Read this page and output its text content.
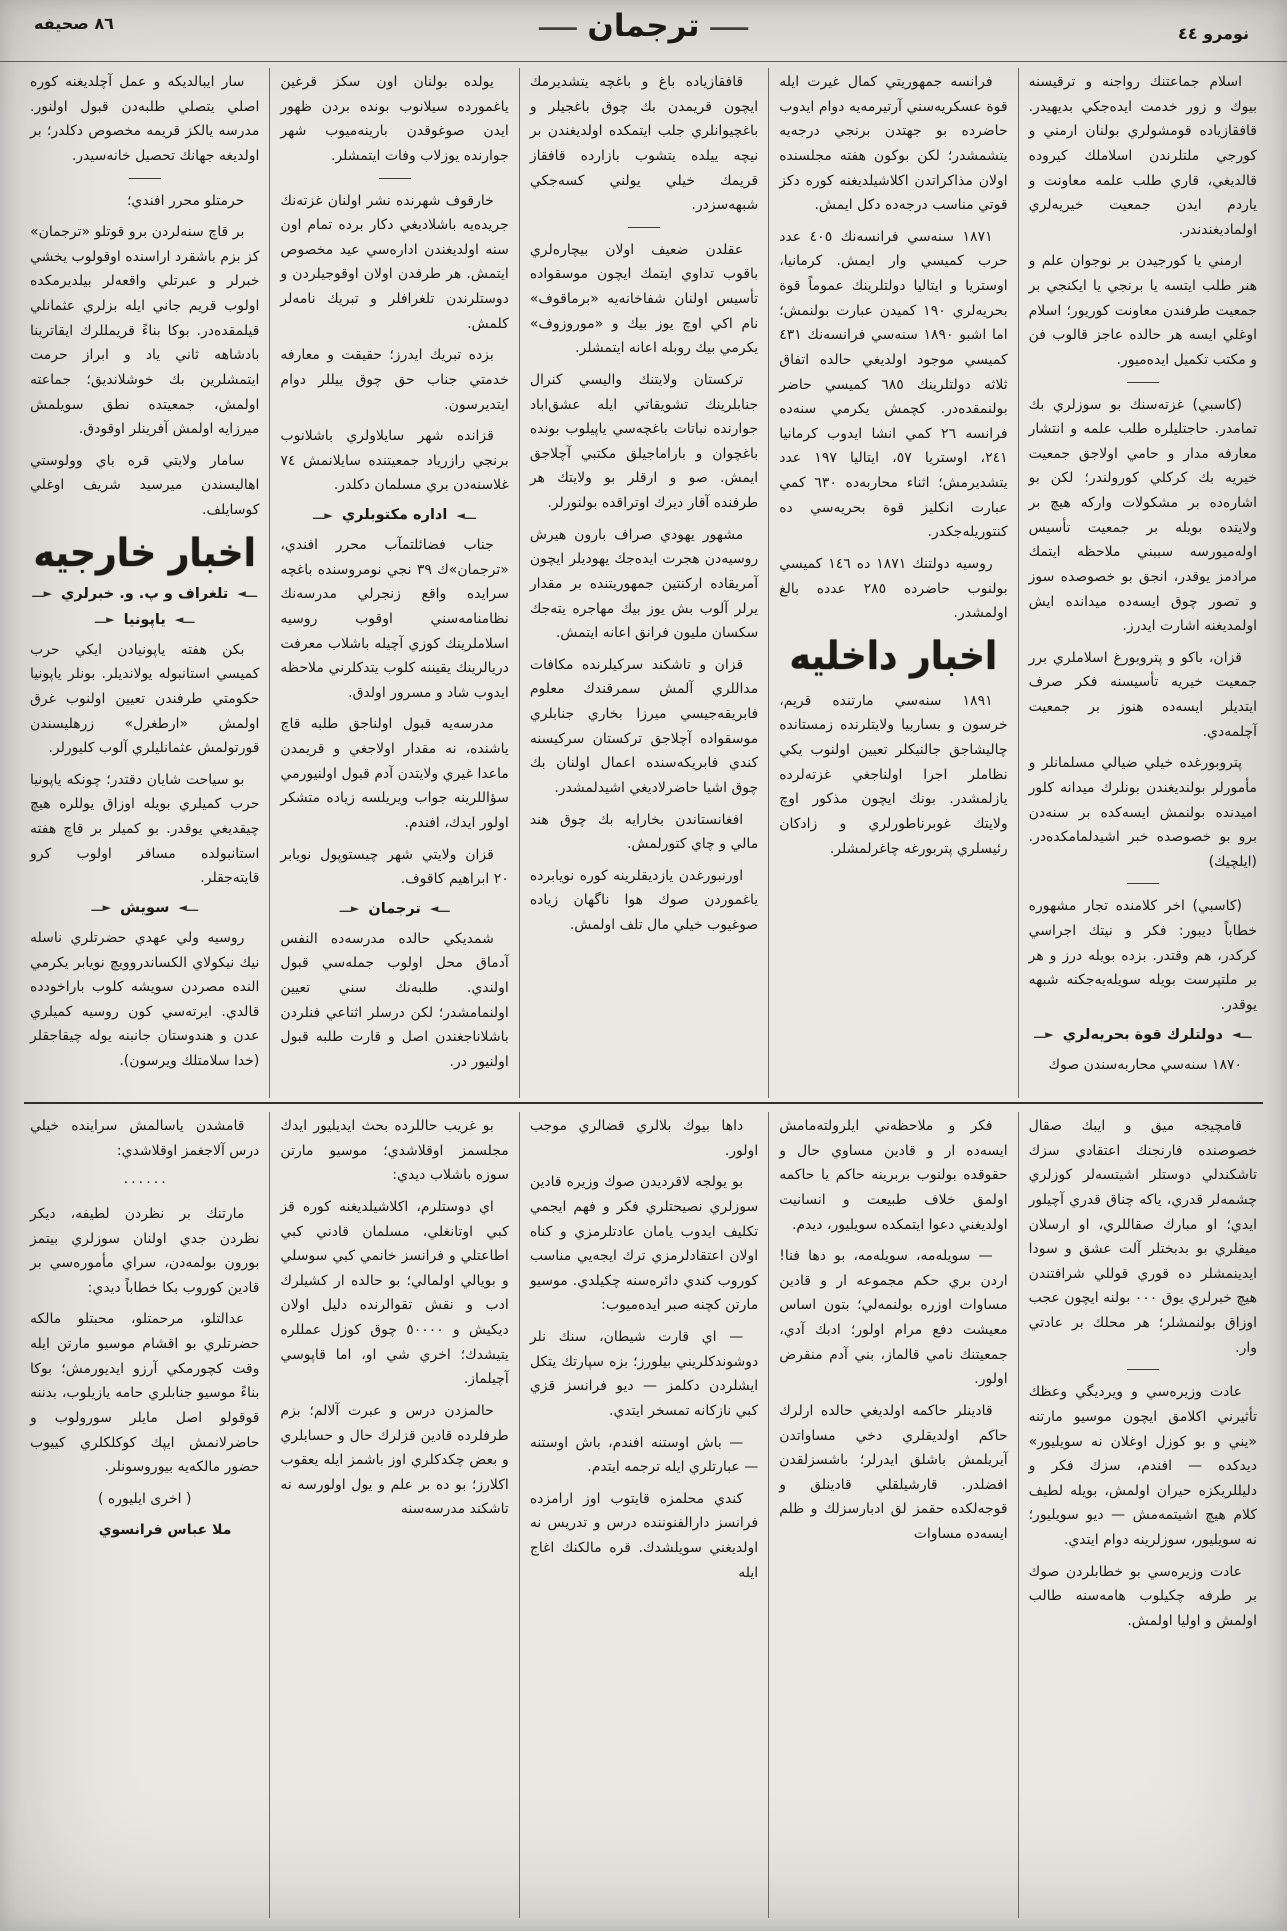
٨٦ صحيفه	ـــــ ترجمان ـــــ	نومرو ٤٤

اسلام جماعتنك رواجنه و ترقيسنه بيوك و زور خدمت ايده‌جكي بديهيدر. قافقازياده قومشولري بولنان ارمني و كورجي ملتلرندن اسلاملك كيروده قالديغي، قاري طلب علمه معاونت و ياردم ايدن جمعيت خيريه‌لري اولماديغندندر.

ارمني يا كورجيدن بر نوجوان علم و هنر طلب ايتسه يا برنجي يا ايكنجي بر جمعيت طرفندن معاونت كوريور؛ اسلام اوغلي ايسه هر حالده عاجز قالوب فن و مكتب تكميل ايده‌ميور.

(كاسبي) غزته‌سنك بو سوزلري بك تمامدر. حاجتليلره طلب علمه و انتشار معارفه مدار و حامي اولاجق جمعيت خيريه بك كركلي كورولندر؛ لكن بو اشاره‌ده بر مشكولات واركه هيچ بر ولايتده بويله بر جمعيت تأسيس اوله‌ميورسه سببني ملاحظه ايتمك مرادمز يوقدر، انجق بو خصوصده سوز و تصور چوق ايسه‌ده ميدانده ايش اولمديغنه اشارت ايدرز.

قزان، باكو و پتروبورغ اسلاملري برر جمعيت خيريه تأسيسنه فكر صرف ايتديلر ايسه‌ده هنوز بر جمعيت آچلمه‌دي.

پتروبورغده خيلي ضيالي مسلمانلر و مأمورلر بولنديغندن بونلرك ميدانه كلور اميدنده بولنمش ايسه‌كده بر سنه‌دن برو بو خصوصده خبر اشيدلمامكده‌در. (ايلچيك)

(كاسبي) اخر كلامنده تجار مشهوره خطاباً ديبور: فكر و نيتك اجراسي كركدر، هم وقتدر. بزده بويله درز و هر بر ملتپرست بويله سويله‌يه‌جكنه شبهه يوقدر.

ـــ◄
دولتلرك قوة بحريه‌لري
►ـــ

١٨٧٠ سنه‌سي محاربه‌سندن صوك

فرانسه جمهوريتي كمال غيرت ايله قوة عسكريه‌سني آرتيرمه‌يه دوام ايدوب حاضرده بو جهتدن برنجي درجه‌يه يتشمشدر؛ لكن بوكون هفته مجلسنده اولان مذاكراتدن اكلاشيلديغنه كوره دكز قوتي مناسب درجه‌ده دكل ايمش.

١٨٧١ سنه‌سي فرانسه‌نك ٤٠٥ عدد حرب كميسي وار ايمش. كرمانيا، اوستريا و ايتاليا دولتلرينك عموماً قوة بحريه‌لري ١٩٠ كميدن عبارت بولنمش؛ اما اشبو ١٨٩٠ سنه‌سي فرانسه‌نك ٤٣١ كميسي موجود اولديغي حالده اتفاق ثلاثه دولتلرينك ٦٨٥ كميسي حاضر بولنمقده‌در. كچمش يكرمي سنه‌ده فرانسه ٢٦ كمي انشا ايدوب كرمانيا ٢٤١، اوستريا ٥٧، ايتاليا ١٩٧ عدد يتشديرمش؛ اثناء محاربه‌ده ٦٣٠ كمي عبارت انكليز قوة بحريه‌سي ده كنتوريله‌جكدر.

روسيه دولتنك ١٨٧١ ده ١٤٦ كميسي بولنوب حاضرده ٢٨٥ عدده بالغ اولمشدر.

اخبار داخليه

١٨٩١ سنه‌سي مارتنده قريم، خرسون و بساربيا ولايتلرنده زمستانده چاليشاجق جالنيكلر تعيين اولنوب يكي نظاملر اجرا اولناجغي غزته‌لرده يازلمشدر. بونك ايچون مذكور اوچ ولايتك غوبرناطورلري و زادكان رئيسلري پتربورغه چاغرلمشلر.

قافقازياده باغ و باغچه يتشديرمك ايچون قريمدن بك چوق باغجيلر و باغچيوانلري جلب ايتمكده اولديغندن بر نيچه ييلده يتشوب بازارده قافقاز قريمك خيلي يولني كسه‌جكي شبهه‌سزدر.

عقلدن ضعيف اولان بيچاره‌لري باقوب تداوي ايتمك ايچون موسقواده تأسيس اولنان شفاخانه‌يه «برماقوف» نام اكي اوچ يوز بيك و «موروزوف» يكرمي بيك روبله اعانه ايتمشلر.

تركستان ولايتنك واليسي كنرال جنابلرينك تشويقاتي ايله عشق‌اباد جوارنده نباتات باغچه‌سي ياپيلوب بونده باغچوان و باراماجيلق مكتبي آچلاجق ايمش. صو و ارقلر بو ولايتك هر طرفنده آقار ديرك اوتراقده بولنورلر.

مشهور يهودي صراف بارون هيرش روسيه‌دن هجرت ايده‌جك يهوديلر ايچون آمريقاده اركنتين جمهوريتنده بر مقدار يرلر آلوب بش يوز بيك مهاجره يته‌جك سكسان مليون فرانق اعانه ايتمش.

قزان و تاشكند سركيلرنده مكافات مداللري آلمش سمرقندك معلوم فابريقه‌جيسي ميرزا بخاري جنابلري موسقواده آچلاجق تركستان سركيسنه كندي فابريكه‌سنده اعمال اولنان بك چوق اشيا حاضرلاديغي اشيدلمشدر.

افغانستاندن بخارايه بك چوق هند مالي و چاي كتورلمش.

اورنبورغدن يازديقلرينه كوره نويابرده ياغموردن صوك هوا ناگهان زياده صوغيوب خيلي مال تلف اولمش.

يولده بولنان اون سكز قرغين ياغمورده سيلانوب بونده بردن ظهور ايدن صوغوقدن بارينه‌ميوب شهر جوارنده يوزلاب وفات ايتمشلر.

خارقوف شهرنده نشر اولنان غزته‌نك جريده‌يه باشلاديغي دكار برده تمام اون سنه اولديغندن اداره‌سي عيد مخصوص ايتمش. هر طرفدن اولان اوقوجيلردن و دوستلرندن تلغرافلر و تبريك نامه‌لر كلمش.

بزده تبريك ايدرز؛ حقيقت و معارفه خدمتي جناب حق چوق ييللر دوام ايتديرسون.

قزانده شهر سايلاولري باشلانوب برنجي رازرياد جمعيتنده سايلانمش ٧٤ غلاسنه‌دن بري مسلمان دكلدر.

ـــ◄
اداره مكتوبلري
►ـــ

جناب فضائلتمآب محرر افندي، «ترجمان»ك ٣٩ نجي نومروسنده باغچه سرايده واقع زنجرلي مدرسه‌نك نظامنامه‌سني اوقوب روسيه اسلاملرينك كوزي آچيله باشلاب معرفت دريالرينك يقيننه كلوب يتدكلرني ملاحظه ايدوب شاد و مسرور اولدق.

مدرسه‌يه قبول اولناجق طلبه قاچ ياشنده، نه مقدار اولاجغي و قريمدن ماعدا غيري ولايتدن آدم قبول اولنيورمي سؤاللرينه جواب ويريلسه زياده متشكر اولور ايدك، افندم.

قزان ولايتي شهر چيستوپول نويابر ٢٠ ابراهيم كاقوف.

ـــ◄
ترجمان
►ـــ

شمديكي حالده مدرسه‌ده النفس آدماق محل اولوب جمله‌سي قبول اولندي. طلبه‌نك سني تعيين اولنمامشدر؛ لكن درسلر اثناعي فنلردن باشلاناجغندن اصل و قارت طلبه قبول اولنيور در.

سار ايبالديكه و عمل آچلديغنه كوره اصلي يتصلي طلبه‌دن قبول اولنور. مدرسه يالكز قريمه مخصوص دكلدر؛ بر اولديغه جهانك تحصيل خانه‌سيدر.

حرمتلو محرر افندي؛

بر قاچ سنه‌لردن برو قوتلو «ترجمان» كز بزم باشقرد اراسنده اوقولوب يخشي خبرلر و عبرتلي واقعه‌لر بيلديرمكده اولوب قريم جاني ايله بزلري عثمانلي قيلمقده‌در. بوكا بناءً قريمللرك ايقاترينا بادشاهه ثاني ياد و ابراز حرمت ايتمشلرين بك خوشلانديق؛ جماعته اولمش، جمعيتده نطق سويلمش ميرزايه اولمش آفرينلر اوقودق.

سامار ولايتي قره باي وولوستي اهاليسندن ميرسيد شريف اوغلي كوسايلف.

اخبار خارجيه
ـــ◄
تلغراف و پ. و. خبرلري
►ـــ
ـــ◄
ياپونيا
►ـــ

بكن هفته ياپونيادن ايكي حرب كميسي استانبوله يولانديلر. بونلر ياپونيا حكومتي طرفندن تعيين اولنوب غرق اولمش «ارطغرل» زرهليسندن قورتولمش عثمانليلري آلوب كليورلر.

بو سياحت شايان دقتدر؛ چونكه ياپونيا حرب كميلري بويله اوزاق يوللره هيچ چيقديغي يوقدر. بو كميلر بر قاچ هفته استانبولده مسافر اولوب كرو قايته‌جقلر.

ـــ◄
سويش
►ـــ

روسيه ولي عهدي حضرتلري ناسله نيك نيكولاي الكساندروويچ نويابر يكرمي النده مصردن سويشه كلوب باراخودده قالدي. ايرته‌سي كون روسيه كميلري عدن و هندوستان جانبنه يوله چيقاجقلر (خدا سلامتلك ويرسون).

قامچيجه ميق و ايبك صقال خصوصنده فارنجنك اعتقادي سزك تاشكندلي دوستلر اشيتسه‌لر كوزلري چشمه‌لر قدري، ياكه چناق قدري آچيلور ايدي؛ او مبارك صقاللري، او ارسلان ميقلري بو بدبختلر آلت عشق و سودا ايدينمشلر ده قوري قوللي شرافتندن هيچ خبرلري يوق ٠٠٠ بولنه ايچون عجب اوزاق بولنمشلر؛ هر محلك بر عادتي وار.

عادت وزيره‌سي و ويرديگي وعظك تأثيرني اكلامق ايچون موسيو مارتنه «يني و بو كوزل اوغلان نه سويليور» ديدكده — افندم، سزك فكر و دليللريكزه حيران اولمش، بويله لطيف كلام هيچ اشيتمه‌مش — ديو سويليور؛ نه سويليور، سوزلرينه دوام ايتدي.

عادت وزيره‌سي بو خطابلردن صوك بر طرفه چكيلوب هامه‌سنه طالب اولمش و اوليا اولمش.

فكر و ملاحظه‌ني ايلرولته‌مامش ايسه‌ده ار و قادين مساوي حال و حقوقده بولنوب بربرينه حاكم يا حاكمه اولمق خلاف طبيعت و انسانيت اولديغني دعوا ايتمكده سويليور، ديدم.

— سويله‌مه، سويله‌مه، بو دها فنا! اردن بري حكم مجموعه ار و قادين مساوات اوزره بولنمه‌لي؛ بتون اساس معيشت دفع مرام اولور؛ ادبك آدي، جمعيتنك نامي قالماز، بني آدم منقرض اولور.

قادينلر حاكمه اولديغي حالده ارلرك حاكم اولديقلري دخي مساواتدن آيريلمش باشلق ايدرلر؛ باشسزلقدن افضلدر. قارشيلقلي قادينلق و قوجه‌لكده حقمز لق ادبارسزلك و ظلم ايسه‌ده مساوات

داها بيوك بلالري قضالري موجب اولور.

بو يولجه لاقرديدن صوك وزيره قادين سوزلري نصيحتلري فكر و فهم ايجمي تكليف ايدوب يامان عادتلرمزي و كناه اولان اعتقادلرمزي ترك ايجه‌يي مناسب كوروب كندي دائره‌سنه چكيلدي. موسيو مارتن كچنه صبر ايده‌ميوب:

— اي قارت شيطان، سنك نلر دوشوندكلريني بيلورز؛ بزه سپارتك يتكل ايشلردن دكلمز — ديو فرانسز قزي كبي نازكانه تمسخر ايتدي.

— باش اوستنه افندم، باش اوستنه — عبارتلري ايله ترجمه ايتدم.

كندي محلمزه قايتوب اوز ارامزده فرانسز دارالفنوننده درس و تدريس نه اولديغني سويلشدك. قره مالكنك اغاج ايله

بو غريب حاللرده بحث ايديليور ايدك مجلسمز اوقلاشدي؛ موسيو مارتن سوزه باشلاب ديدي:

اي دوستلرم، اكلاشيلديغنه كوره قز كبي اوتانغلي، مسلمان قادني كبي اطاعتلي و فرانسز خانمي كبي سوسلي و بويالي اولمالي؛ بو حالده ار كشيلرك ادب و نقش تقوالرنده دليل اولان ديكيش و ٥٠٠٠٠ چوق كوزل عمللره يتيشدك؛ اخري شي او، اما قاپوسي آچيلماز.

حالمزدن درس و عبرت آلالم؛ بزم طرفلرده قادين قزلرك حال و حسابلري و بعض چكدكلري اوز باشمز ايله يعقوب اكلارز؛ بو ده بر علم و يول اولورسه نه تاشكند مدرسه‌سنه

قامشدن ياسالمش سراينده خيلي درس آلاجغمز اوقلاشدي:

٠٠٠٠٠٠

مارتنك بر نظردن لطيفه، ديكر نظردن جدي اولنان سوزلري بيتمز بورون بولمه‌دن، سراي مأموره‌سي بر قادين كوروب بكا خطاباً ديدي:

عدالتلو، مرحمتلو، محبتلو مالكه حضرتلري بو اقشام موسيو مارتن ايله وقت كچورمكي آرزو ايديورمش؛ بوكا بناءً موسيو جنابلري حامه يازيلوب، بدننه قوقولو اصل مايلر سورولوب و حاضرلانمش ايپك كوكلكلري كييوب حضور مالكه‌يه بيوروسونلر.

( اخری ايليوره )

ملا عباس فرانسوي
